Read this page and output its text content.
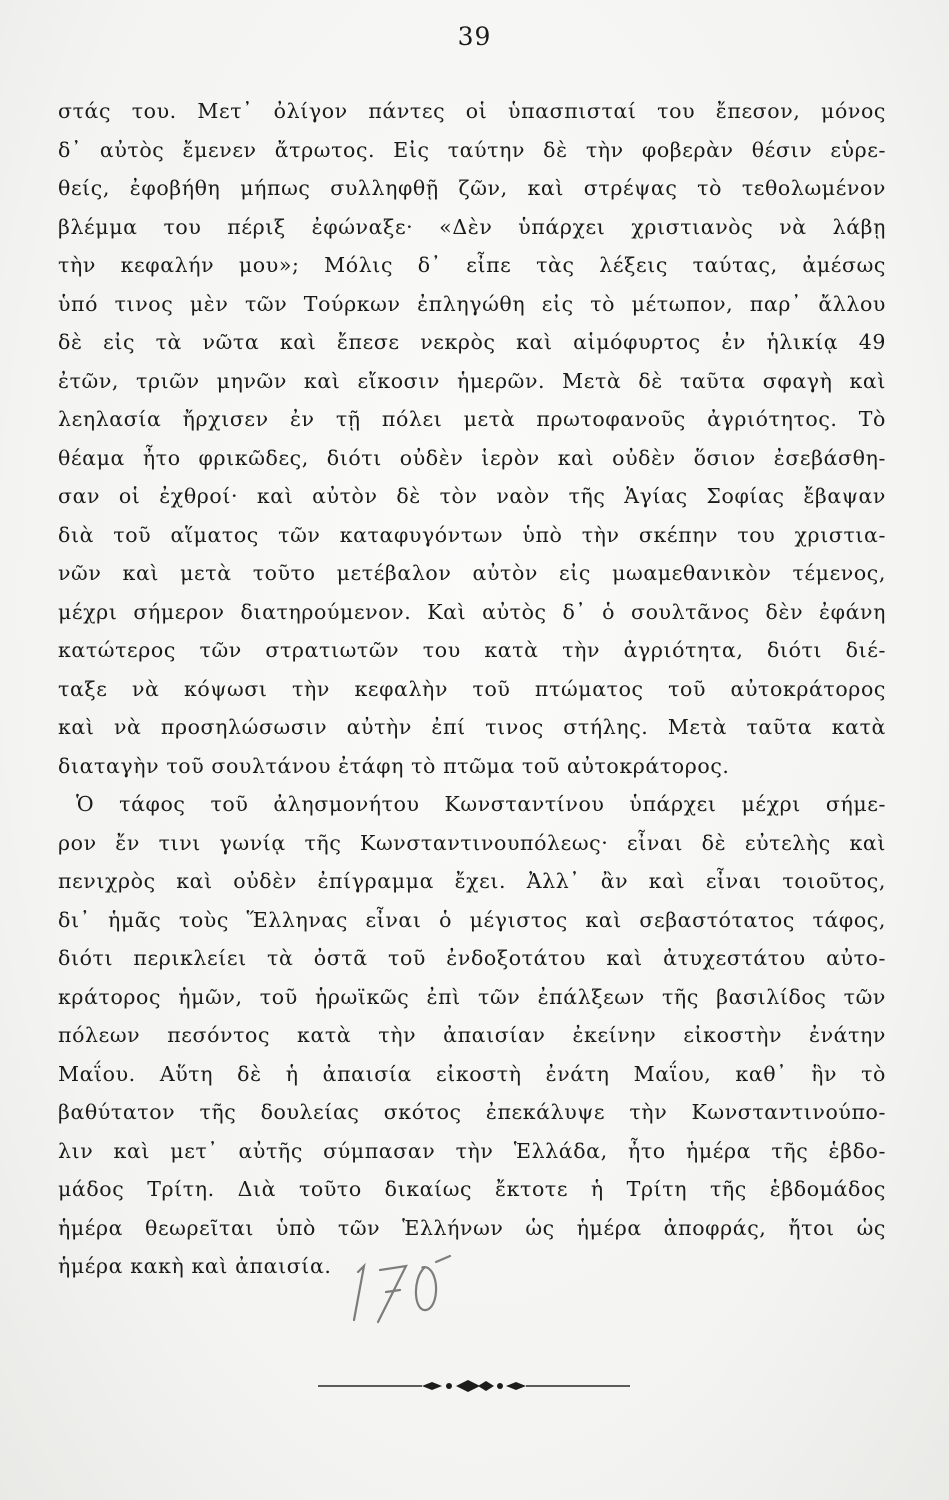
39
στάς του. Μετ᾽ ὀλίγον πάντες οἱ ὑπασπισταί του ἔπεσον, μόνος
δ᾽ αὐτὸς ἔμενεν ἄτρωτος. Εἰς ταύτην δὲ τὴν φοβερὰν θέσιν εὑρε-
θείς, ἐφοβήθη μήπως συλληφθῇ ζῶν, καὶ στρέψας τὸ τεθολωμένον
βλέμμα του πέριξ ἐφώναξε· «Δὲν ὑπάρχει χριστιανὸς νὰ λάβῃ
τὴν κεφαλήν μου»; Μόλις δ᾽ εἶπε τὰς λέξεις ταύτας, ἀμέσως
ὑπό τινος μὲν τῶν Τούρκων ἐπληγώθη εἰς τὸ μέτωπον, παρ᾽ ἄλλου
δὲ εἰς τὰ νῶτα καὶ ἔπεσε νεκρὸς καὶ αἱμόφυρτος ἐν ἡλικίᾳ 49
ἐτῶν, τριῶν μηνῶν καὶ εἴκοσιν ἡμερῶν. Μετὰ δὲ ταῦτα σφαγὴ καὶ
λεηλασία ἤρχισεν ἐν τῇ πόλει μετὰ πρωτοφανοῦς ἀγριότητος. Τὸ
θέαμα ἦτο φρικῶδες, διότι οὐδὲν ἱερὸν καὶ οὐδὲν ὅσιον ἐσεβάσθη-
σαν οἱ ἐχθροί· καὶ αὐτὸν δὲ τὸν ναὸν τῆς Ἁγίας Σοφίας ἔβαψαν
διὰ τοῦ αἵματος τῶν καταφυγόντων ὑπὸ τὴν σκέπην του χριστια-
νῶν καὶ μετὰ τοῦτο μετέβαλον αὐτὸν εἰς μωαμεθανικὸν τέμενος,
μέχρι σήμερον διατηρούμενον. Καὶ αὐτὸς δ᾽ ὁ σουλτᾶνος δὲν ἐφάνη
κατώτερος τῶν στρατιωτῶν του κατὰ τὴν ἀγριότητα, διότι διέ-
ταξε νὰ κόψωσι τὴν κεφαλὴν τοῦ πτώματος τοῦ αὐτοκράτορος
καὶ νὰ προσηλώσωσιν αὐτὴν ἐπί τινος στήλης. Μετὰ ταῦτα κατὰ
διαταγὴν τοῦ σουλτάνου ἐτάφη τὸ πτῶμα τοῦ αὐτοκράτορος.
Ὁ τάφος τοῦ ἀλησμονήτου Κωνσταντίνου ὑπάρχει μέχρι σήμε-
ρον ἔν τινι γωνίᾳ τῆς Κωνσταντινουπόλεως· εἶναι δὲ εὐτελὴς καὶ
πενιχρὸς καὶ οὐδὲν ἐπίγραμμα ἔχει. Ἀλλ᾽ ἂν καὶ εἶναι τοιοῦτος,
δι᾽ ἡμᾶς τοὺς Ἕλληνας εἶναι ὁ μέγιστος καὶ σεβαστότατος τάφος,
διότι περικλείει τὰ ὀστᾶ τοῦ ἐνδοξοτάτου καὶ ἀτυχεστάτου αὐτο-
κράτορος ἡμῶν, τοῦ ἡρωϊκῶς ἐπὶ τῶν ἐπάλξεων τῆς βασιλίδος τῶν
πόλεων πεσόντος κατὰ τὴν ἀπαισίαν ἐκείνην εἰκοστὴν ἐνάτην
Μαΐου. Αὕτη δὲ ἡ ἀπαισία εἰκοστὴ ἐνάτη Μαΐου, καθ᾽ ἣν τὸ
βαθύτατον τῆς δουλείας σκότος ἐπεκάλυψε τὴν Κωνσταντινούπο-
λιν καὶ μετ᾽ αὐτῆς σύμπασαν τὴν Ἑλλάδα, ἦτο ἡμέρα τῆς ἑβδο-
μάδος Τρίτη. Διὰ τοῦτο δικαίως ἔκτοτε ἡ Τρίτη τῆς ἑβδομάδος
ἡμέρα θεωρεῖται ὑπὸ τῶν Ἑλλήνων ὡς ἡμέρα ἀποφράς, ἤτοι ὡς
ἡμέρα κακὴ καὶ ἀπαισία.
